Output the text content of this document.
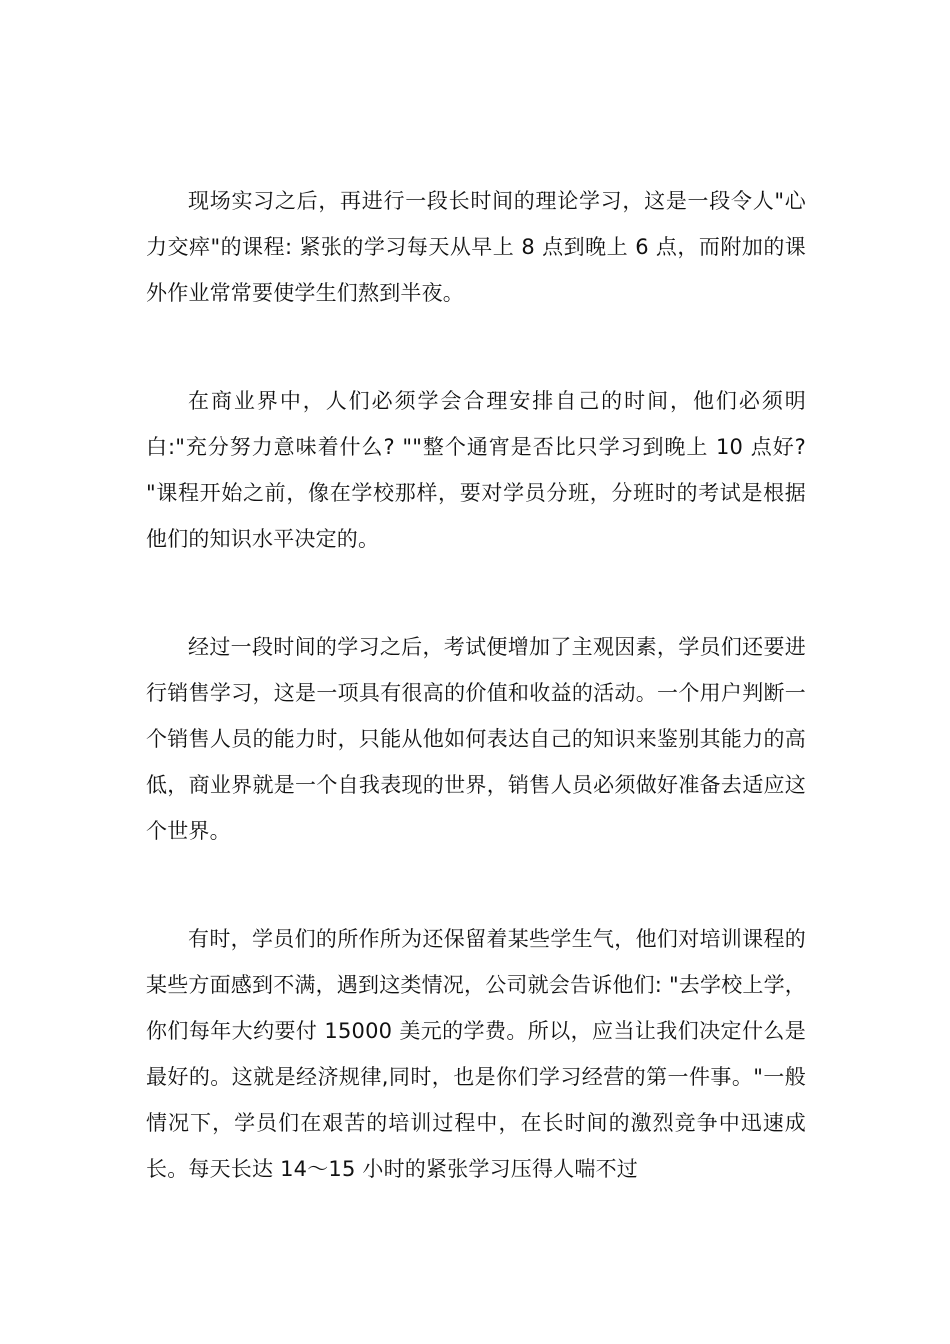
现场实习之后，再进行一段长时间的理论学习，这是一段令人"心力交瘁"的课程: 紧张的学习每天从早上 8 点到晚上 6 点，而附加的课外作业常常要使学生们熬到半夜。

在商业界中，人们必须学会合理安排自己的时间，他们必须明白:"充分努力意味着什么? ""整个通宵是否比只学习到晚上 10 点好? "课程开始之前，像在学校那样，要对学员分班，分班时的考试是根据他们的知识水平决定的。

经过一段时间的学习之后，考试便增加了主观因素，学员们还要进行销售学习，这是一项具有很高的价值和收益的活动。一个用户判断一个销售人员的能力时，只能从他如何表达自己的知识来鉴别其能力的高低，商业界就是一个自我表现的世界，销售人员必须做好准备去适应这个世界。

有时，学员们的所作所为还保留着某些学生气，他们对培训课程的某些方面感到不满，遇到这类情况，公司就会告诉他们: "去学校上学，你们每年大约要付 15000 美元的学费。所以，应当让我们决定什么是最好的。这就是经济规律,同时，也是你们学习经营的第一件事。"一般情况下，学员们在艰苦的培训过程中，在长时间的激烈竞争中迅速成长。每天长达 14～15 小时的紧张学习压得人喘不过
